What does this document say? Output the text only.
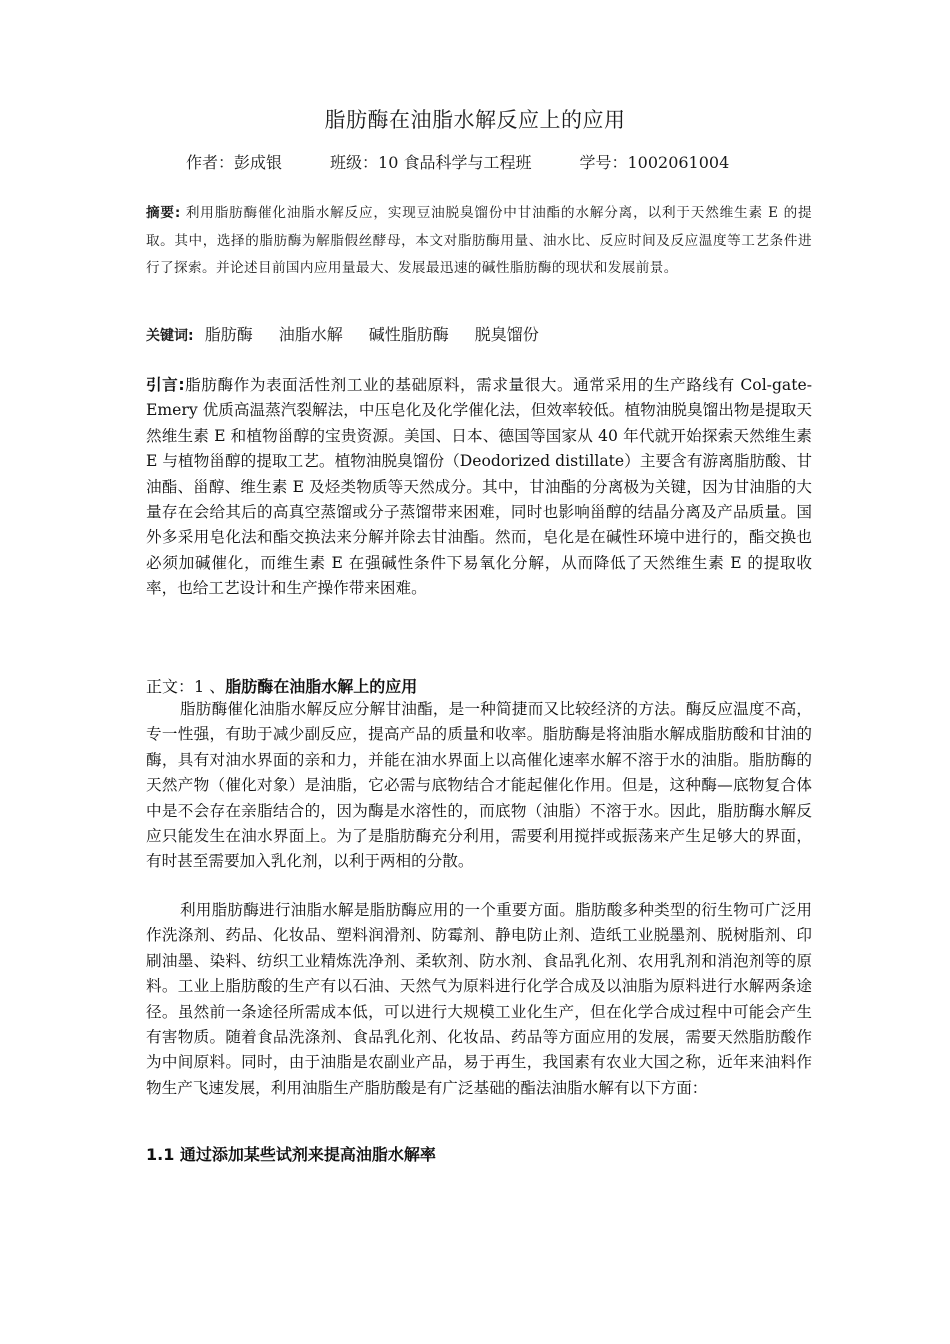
脂肪酶在油脂水解反应上的应用
作者：彭成银	班级：10 食品科学与工程班	学号：1002061004
摘要: 利用脂肪酶催化油脂水解反应，实现豆油脱臭馏份中甘油酯的水解分离，以利于天然维生素 E 的提取。其中，选择的脂肪酶为解脂假丝酵母，本文对脂肪酶用量、油水比、反应时间及反应温度等工艺条件进行了探索。并论述目前国内应用量最大、发展最迅速的碱性脂肪酶的现状和发展前景。
关键词: 脂肪酶 油脂水解 碱性脂肪酶 脱臭馏份
引言:脂肪酶作为表面活性剂工业的基础原料，需求量很大。通常采用的生产路线有 Col-gate-Emery 优质高温蒸汽裂解法，中压皂化及化学催化法，但效率较低。植物油脱臭馏出物是提取天然维生素 E 和植物甾醇的宝贵资源。美国、日本、德国等国家从 40 年代就开始探索天然维生素 E 与植物甾醇的提取工艺。植物油脱臭馏份（Deodorized distillate）主要含有游离脂肪酸、甘油酯、甾醇、维生素 E 及烃类物质等天然成分。其中，甘油酯的分离极为关键，因为甘油脂的大量存在会给其后的高真空蒸馏或分子蒸馏带来困难，同时也影响甾醇的结晶分离及产品质量。国外多采用皂化法和酯交换法来分解并除去甘油酯。然而，皂化是在碱性环境中进行的，酯交换也必须加碱催化，而维生素 E 在强碱性条件下易氧化分解，从而降低了天然维生素 E 的提取收率，也给工艺设计和生产操作带来困难。
正文：1 、脂肪酶在油脂水解上的应用
脂肪酶催化油脂水解反应分解甘油酯，是一种简捷而又比较经济的方法。酶反应温度不高，专一性强，有助于减少副反应，提高产品的质量和收率。脂肪酶是将油脂水解成脂肪酸和甘油的酶，具有对油水界面的亲和力，并能在油水界面上以高催化速率水解不溶于水的油脂。脂肪酶的天然产物（催化对象）是油脂，它必需与底物结合才能起催化作用。但是，这种酶—底物复合体中是不会存在亲脂结合的，因为酶是水溶性的，而底物（油脂）不溶于水。因此，脂肪酶水解反应只能发生在油水界面上。为了是脂肪酶充分利用，需要利用搅拌或振荡来产生足够大的界面，有时甚至需要加入乳化剂，以利于两相的分散。
利用脂肪酶进行油脂水解是脂肪酶应用的一个重要方面。脂肪酸多种类型的衍生物可广泛用作洗涤剂、药品、化妆品、塑料润滑剂、防霉剂、静电防止剂、造纸工业脱墨剂、脱树脂剂、印刷油墨、染料、纺织工业精炼洗净剂、柔软剂、防水剂、食品乳化剂、农用乳剂和消泡剂等的原料。工业上脂肪酸的生产有以石油、天然气为原料进行化学合成及以油脂为原料进行水解两条途径。虽然前一条途径所需成本低，可以进行大规模工业化生产，但在化学合成过程中可能会产生有害物质。随着食品洗涤剂、食品乳化剂、化妆品、药品等方面应用的发展，需要天然脂肪酸作为中间原料。同时，由于油脂是农副业产品，易于再生，我国素有农业大国之称，近年来油料作物生产飞速发展，利用油脂生产脂肪酸是有广泛基础的酯法油脂水解有以下方面：
1.1 通过添加某些试剂来提高油脂水解率
